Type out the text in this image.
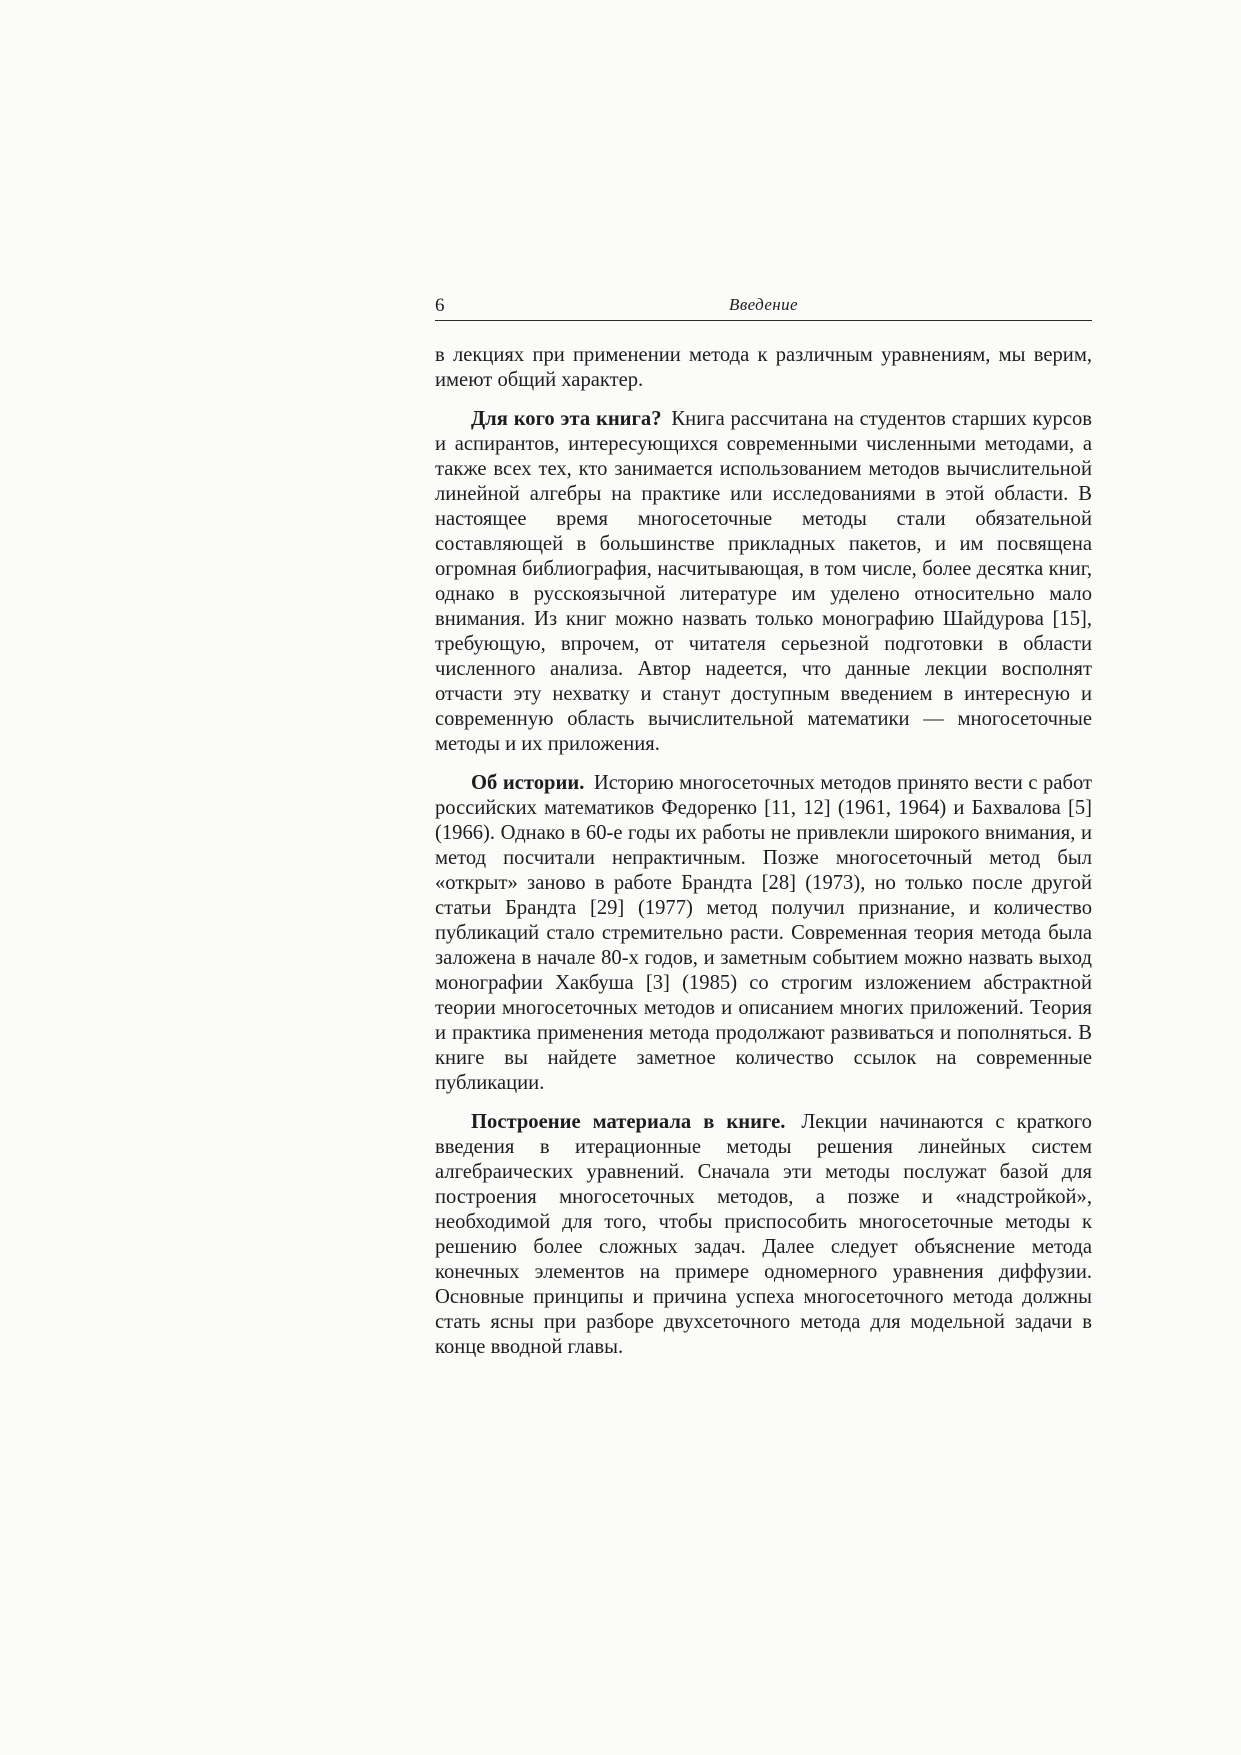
6	Введение

в лекциях при применении метода к различным уравнениям, мы верим, имеют общий характер.

Для кого эта книга? Книга рассчитана на студентов старших курсов и аспирантов, интересующихся современными численными методами, а также всех тех, кто занимается использованием методов вычислительной линейной алгебры на практике или исследованиями в этой области. В настоящее время многосеточные методы стали обязательной составляющей в большинстве прикладных пакетов, и им посвящена огромная библиография, насчитывающая, в том числе, более десятка книг, однако в русскоязычной литературе им уделено относительно мало внимания. Из книг можно назвать только монографию Шайдурова [15], требующую, впрочем, от читателя серьезной подготовки в области численного анализа. Автор надеется, что данные лекции восполнят отчасти эту нехватку и станут доступным введением в интересную и современную область вычислительной математики — многосеточные методы и их приложения.

Об истории. Историю многосеточных методов принято вести с работ российских математиков Федоренко [11, 12] (1961, 1964) и Бахвалова [5] (1966). Однако в 60-е годы их работы не привлекли широкого внимания, и метод посчитали непрактичным. Позже многосеточный метод был «открыт» заново в работе Брандта [28] (1973), но только после другой статьи Брандта [29] (1977) метод получил признание, и количество публикаций стало стремительно расти. Современная теория метода была заложена в начале 80-х годов, и заметным событием можно назвать выход монографии Хакбуша [3] (1985) со строгим изложением абстрактной теории многосеточных методов и описанием многих приложений. Теория и практика применения метода продолжают развиваться и пополняться. В книге вы найдете заметное количество ссылок на современные публикации.

Построение материала в книге. Лекции начинаются с краткого введения в итерационные методы решения линейных систем алгебраических уравнений. Сначала эти методы послужат базой для построения многосеточных методов, а позже и «надстройкой», необходимой для того, чтобы приспособить многосеточные методы к решению более сложных задач. Далее следует объяснение метода конечных элементов на примере одномерного уравнения диффузии. Основные принципы и причина успеха многосеточного метода должны стать ясны при разборе двухсеточного метода для модельной задачи в конце вводной главы.
